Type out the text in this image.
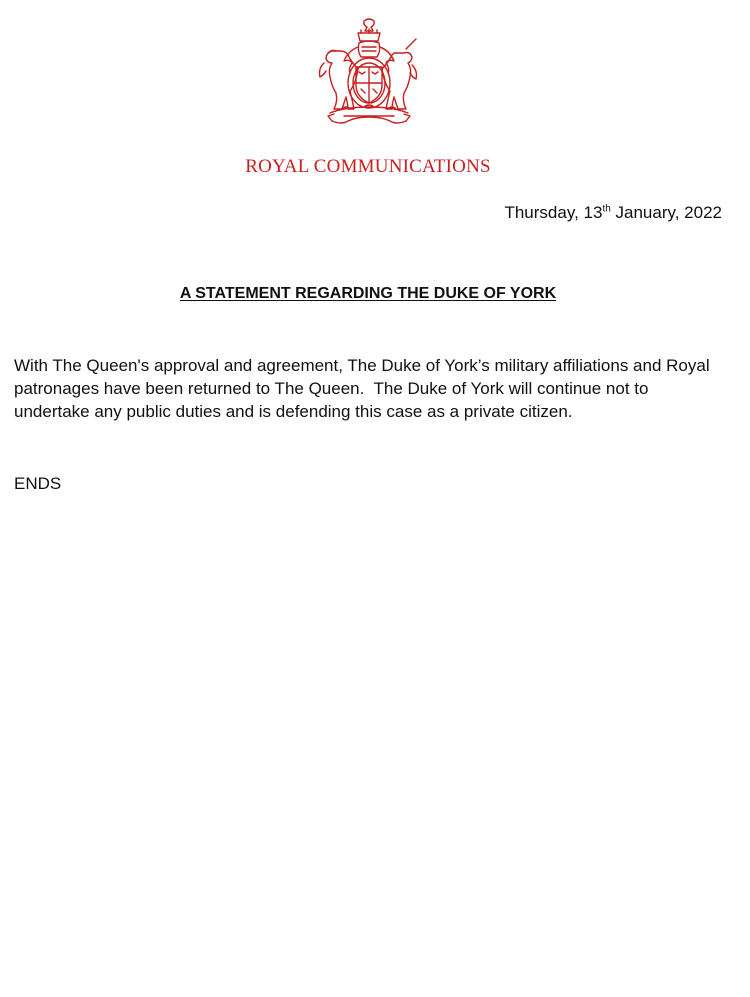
ROYAL COMMUNICATIONS
Thursday, 13th January, 2022
A STATEMENT REGARDING THE DUKE OF YORK
With The Queen's approval and agreement, The Duke of York’s military affiliations and Royal patronages have been returned to The Queen.  The Duke of York will continue not to undertake any public duties and is defending this case as a private citizen.
ENDS
